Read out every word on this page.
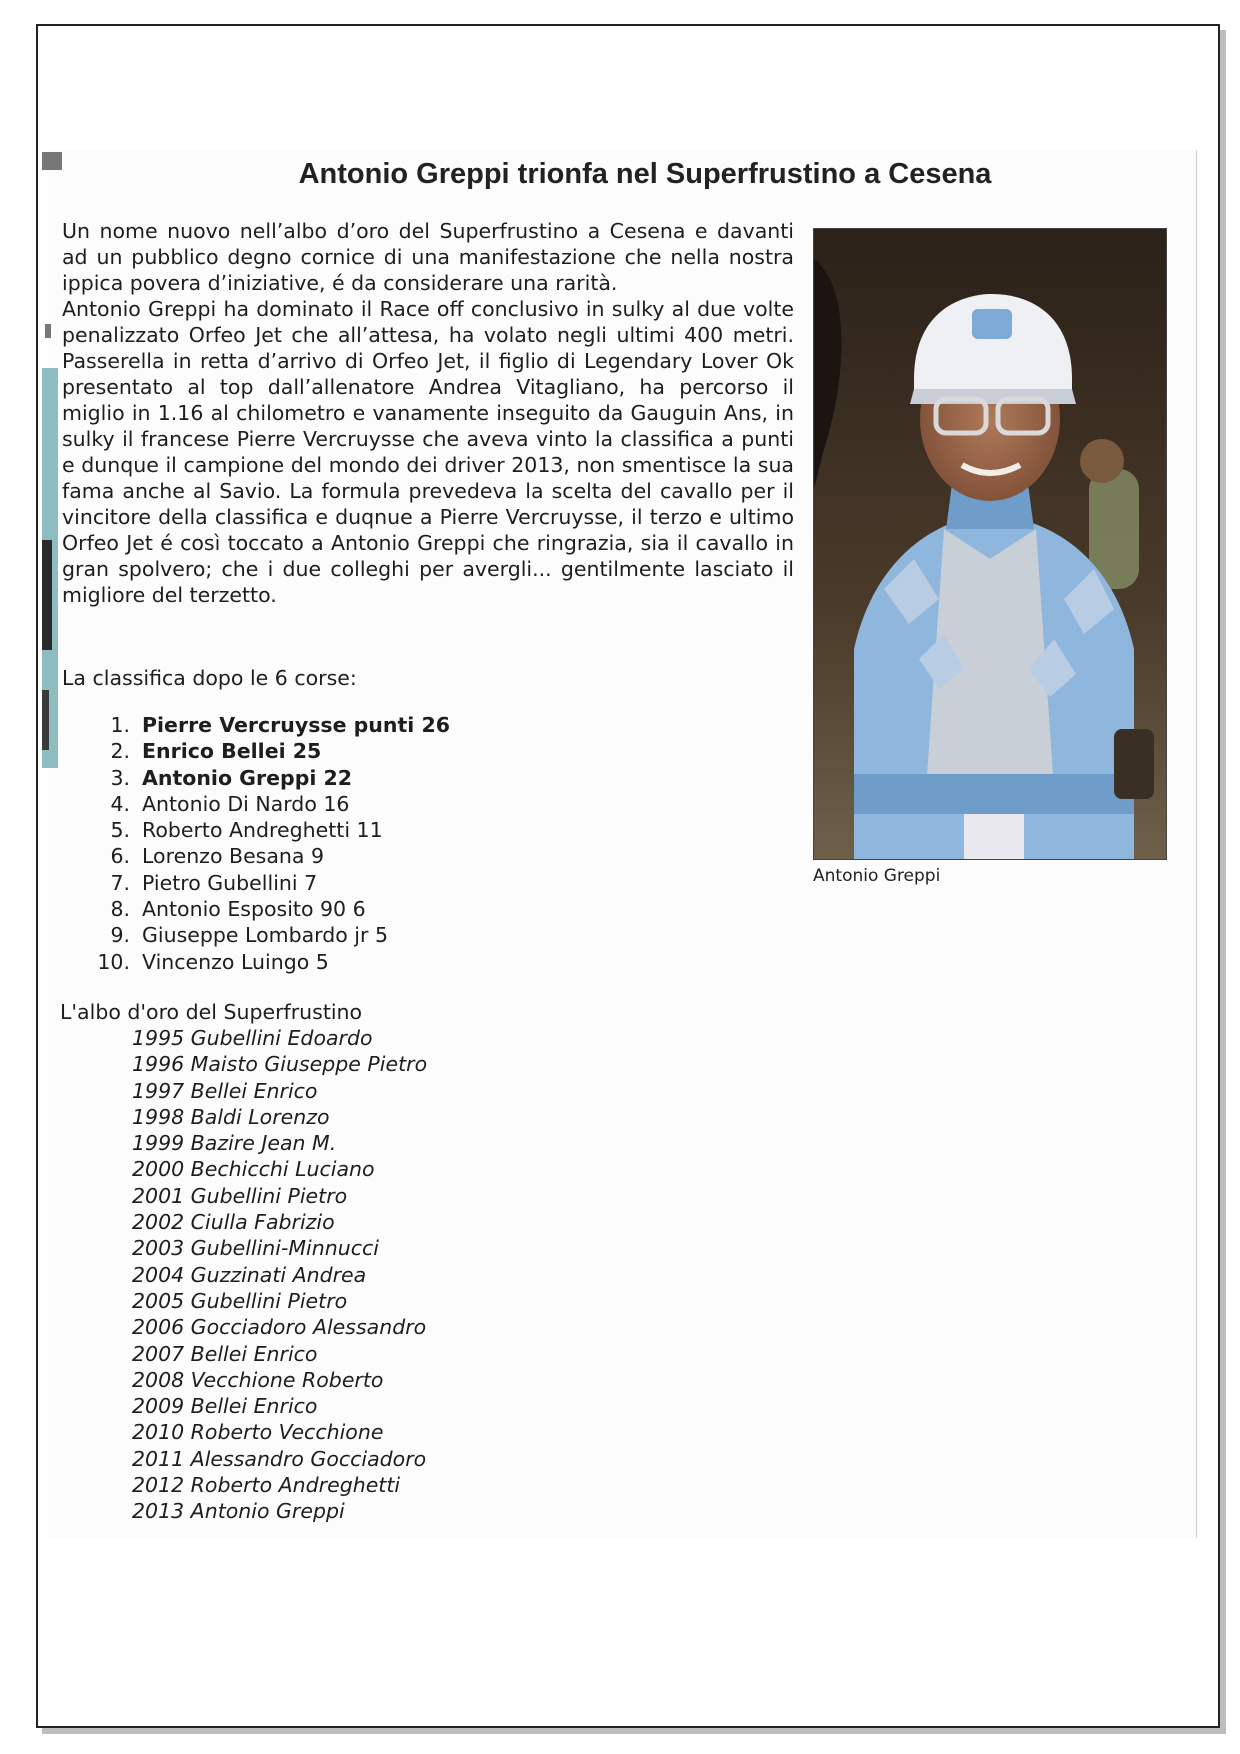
Antonio Greppi trionfa nel Superfrustino a Cesena

Un nome nuovo nell’albo d’oro del Superfrustino a Cesena e davanti ad un pubblico degno cornice di una manifestazione che nella nostra ippica povera d’iniziative, é da considerare una rarità.

Antonio Greppi ha dominato il Race off conclusivo in sulky al due volte penalizzato Orfeo Jet che all’attesa, ha volato negli ultimi 400 metri. Passerella in retta d’arrivo di Orfeo Jet, il figlio di Legendary Lover Ok presentato al top dall’allenatore Andrea Vitagliano, ha percorso il miglio in 1.16 al chilometro e vanamente inseguito da Gauguin Ans, in sulky il francese Pierre Vercruysse che aveva vinto la classifica a punti e dunque il campione del mondo dei driver 2013, non smentisce la sua fama anche al Savio. La formula prevedeva la scelta del cavallo per il vincitore della classifica e duqnue a Pierre Vercruysse, il terzo e ultimo Orfeo Jet é così toccato a Antonio Greppi che ringrazia, sia il cavallo in gran spolvero; che i due colleghi per avergli... gentilmente lasciato il migliore del terzetto.

Antonio Greppi
La classifica dopo le 6 corse:
1. Pierre Vercruysse punti 26
2. Enrico Bellei 25
3. Antonio Greppi 22
4. Antonio Di Nardo 16
5. Roberto Andreghetti 11
6. Lorenzo Besana 9
7. Pietro Gubellini 7
8. Antonio Esposito 90 6
9. Giuseppe Lombardo jr 5
10. Vincenzo Luingo 5
L'albo d'oro del Superfrustino
1995 Gubellini Edoardo
1996 Maisto Giuseppe Pietro
1997 Bellei Enrico
1998 Baldi Lorenzo
1999 Bazire Jean M.
2000 Bechicchi Luciano
2001 Gubellini Pietro
2002 Ciulla Fabrizio
2003 Gubellini-Minnucci
2004 Guzzinati Andrea
2005 Gubellini Pietro
2006 Gocciadoro Alessandro
2007 Bellei Enrico
2008 Vecchione Roberto
2009 Bellei Enrico
2010 Roberto Vecchione
2011 Alessandro Gocciadoro
2012 Roberto Andreghetti
2013 Antonio Greppi
